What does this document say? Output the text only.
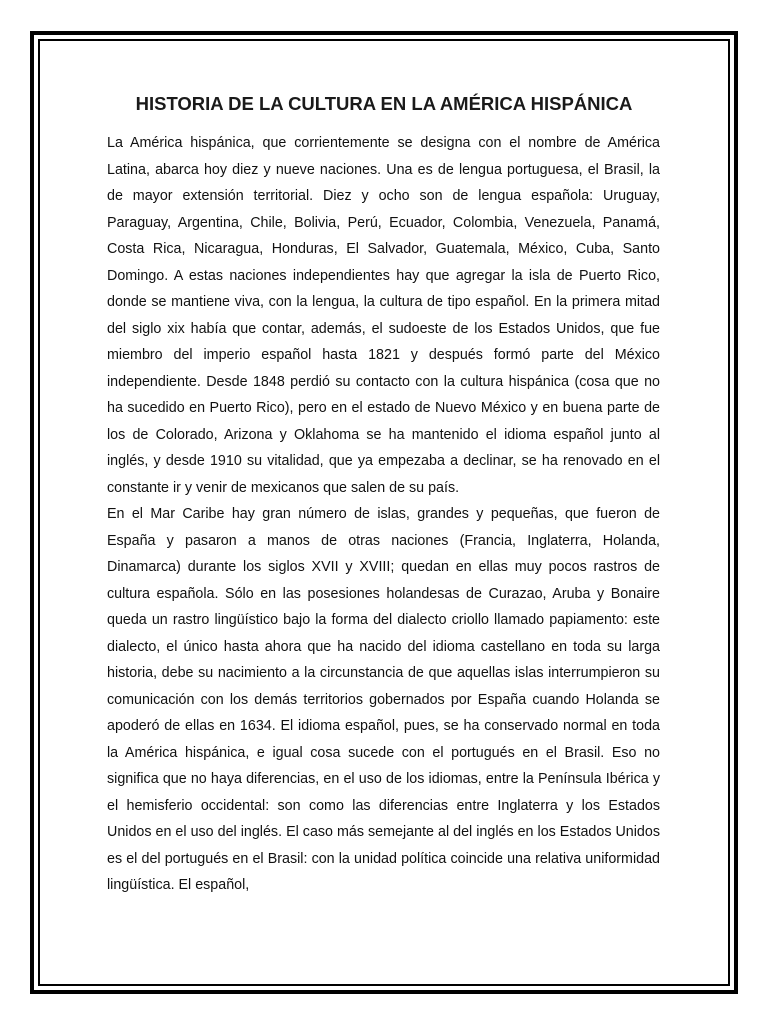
HISTORIA DE LA CULTURA EN LA AMÉRICA HISPÁNICA

La América hispánica, que corrientemente se designa con el nombre de América Latina, abarca hoy diez y nueve naciones. Una es de lengua portuguesa, el Brasil, la de mayor extensión territorial. Diez y ocho son de lengua española: Uruguay, Paraguay, Argentina, Chile, Bolivia, Perú, Ecuador, Colombia, Venezuela, Panamá, Costa Rica, Nicaragua, Honduras, El Salvador, Guatemala, México, Cuba, Santo Domingo. A estas naciones independientes hay que agregar la isla de Puerto Rico, donde se mantiene viva, con la lengua, la cultura de tipo español. En la primera mitad del siglo xix había que contar, además, el sudoeste de los Estados Unidos, que fue miembro del imperio español hasta 1821 y después formó parte del México independiente. Desde 1848 perdió su contacto con la cultura hispánica (cosa que no ha sucedido en Puerto Rico), pero en el estado de Nuevo México y en buena parte de los de Colorado, Arizona y Oklahoma se ha mantenido el idioma español junto al inglés, y desde 1910 su vitalidad, que ya empezaba a declinar, se ha renovado en el constante ir y venir de mexicanos que salen de su país.

En el Mar Caribe hay gran número de islas, grandes y pequeñas, que fueron de España y pasaron a manos de otras naciones (Francia, Inglaterra, Holanda, Dinamarca) durante los siglos XVII y XVIII; quedan en ellas muy pocos rastros de cultura española. Sólo en las posesiones holandesas de Curazao, Aruba y Bonaire queda un rastro lingüístico bajo la forma del dialecto criollo llamado papiamento: este dialecto, el único hasta ahora que ha nacido del idioma castellano en toda su larga historia, debe su nacimiento a la circunstancia de que aquellas islas interrumpieron su comunicación con los demás territorios gobernados por España cuando Holanda se apoderó de ellas en 1634. El idioma español, pues, se ha conservado normal en toda la América hispánica, e igual cosa sucede con el portugués en el Brasil. Eso no significa que no haya diferencias, en el uso de los idiomas, entre la Península Ibérica y el hemisferio occidental: son como las diferencias entre Inglaterra y los Estados Unidos en el uso del inglés. El caso más semejante al del inglés en los Estados Unidos es el del portugués en el Brasil: con la unidad política coincide una relativa uniformidad lingüística. El español,
